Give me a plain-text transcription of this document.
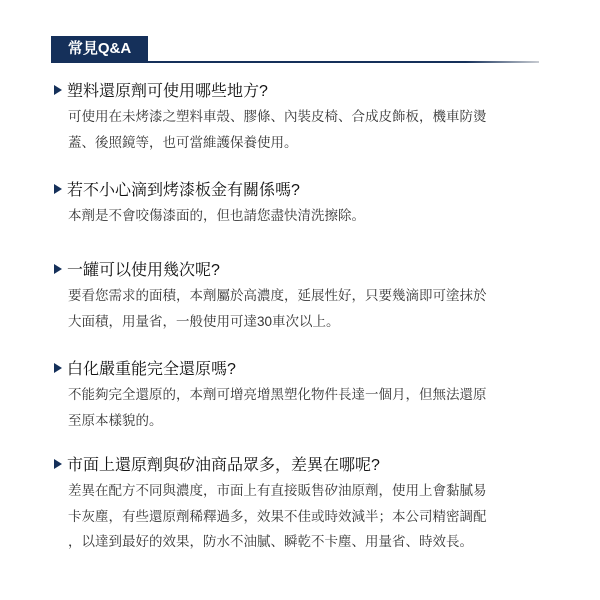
常見Q&A
塑料還原劑可使用哪些地方?
可使用在未烤漆之塑料車殼、膠條、內裝皮椅、合成皮飾板，機車防燙
蓋、後照鏡等，也可當維護保養使用。
若不小心滴到烤漆板金有關係嗎?
本劑是不會咬傷漆面的，但也請您盡快清洗擦除。
一罐可以使用幾次呢?
要看您需求的面積，本劑屬於高濃度，延展性好，只要幾滴即可塗抹於
大面積，用量省，一般使用可達30車次以上。
白化嚴重能完全還原嗎?
不能夠完全還原的，本劑可增亮增黑塑化物件長達一個月，但無法還原
至原本樣貌的。
市面上還原劑與矽油商品眾多，差異在哪呢?
差異在配方不同與濃度，市面上有直接販售矽油原劑，使用上會黏膩易
卡灰塵，有些還原劑稀釋過多，效果不佳或時效減半；本公司精密調配
，以達到最好的效果，防水不油膩、瞬乾不卡塵、用量省、時效長。
